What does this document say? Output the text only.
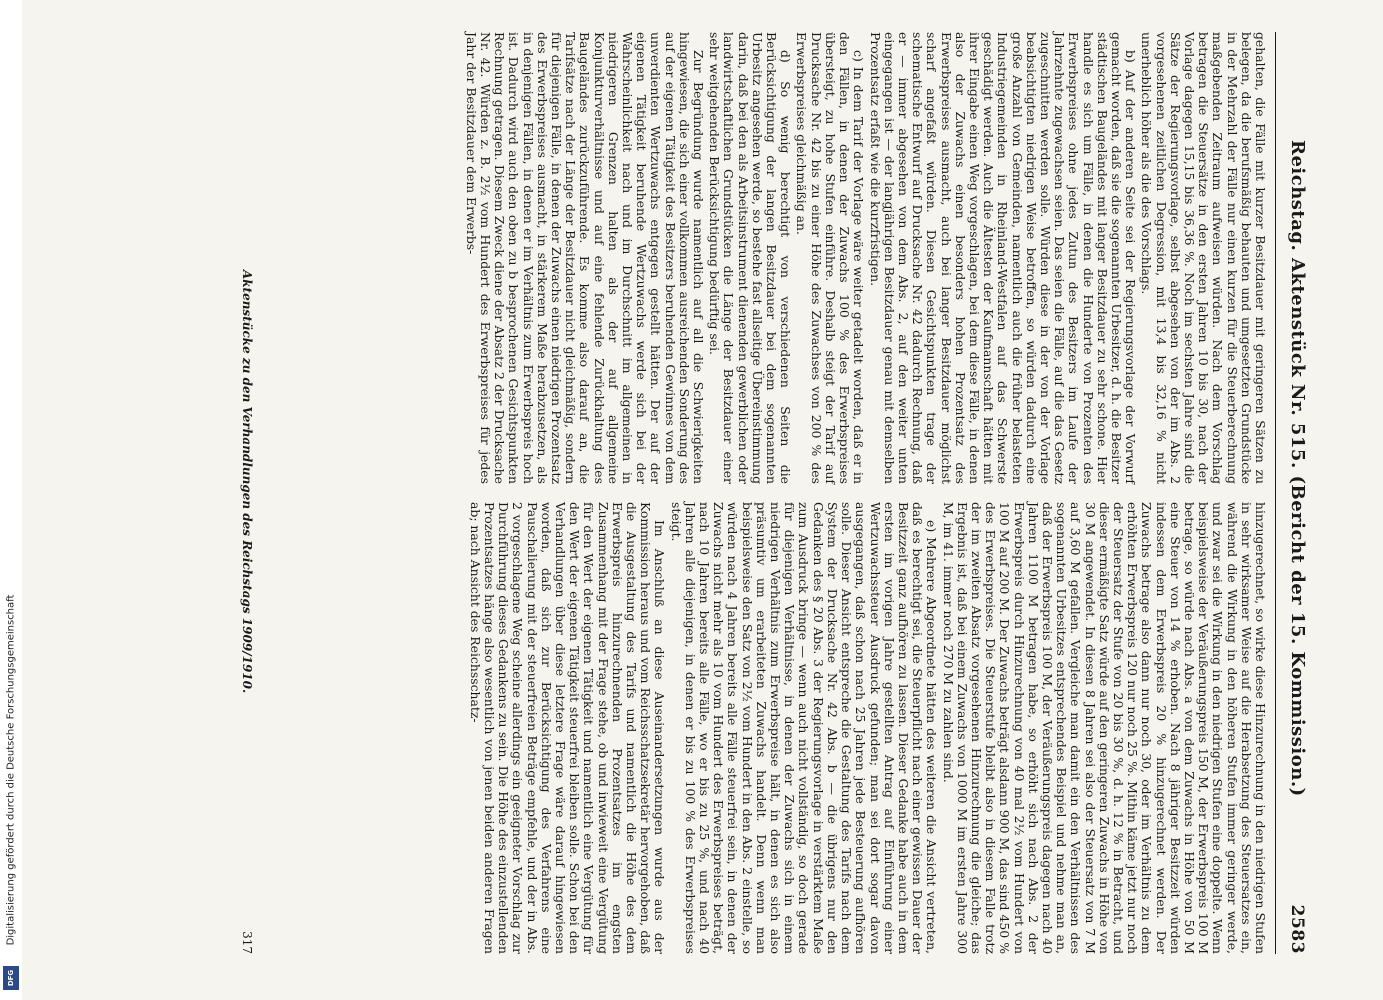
Digitalisierung gefördert durch die Deutsche Forschungsgemeinschaft
DFG
Reichstag. Aktenstück Nr. 515. (Bericht der 15. Kommission.)
2583

gehalten, die Fälle mit kurzer Besitzdauer mit geringeren Sätzen zu belegen, da die berufsmäßig behauten und umgesetzten Grundstücke in der Mehrzahl der Fälle nur einen kurzen für die Steuerberechnung maßgebenden Zeitraum aufweisen würden. Nach dem Vorschlag betragen die Steuersätze in den ersten Jahren 10 bis 30, nach der Vorlage dagegen 15,15 bis 36,36 %. Noch im sechsten Jahre sind die Sätze der Regierungsvorlage, selbst abgesehen von der im Abs. 2 vorgesehenen zeitlichen Degression, mit 13,4 bis 32,16 % nicht unerheblich höher als die des Vorschlags.

b) Auf der anderen Seite sei der Regierungsvorlage der Vorwurf gemacht worden, daß sie die sogenannten Urbesitzer, d. h. die Besitzer städtischen Baugeländes mit langer Besitzdauer zu sehr schone. Hier handle es sich um Fälle, in denen die Hunderte von Prozenten des Erwerbspreises ohne jedes Zutun des Besitzers im Laufe der Jahrzehnte zugewachsen seien. Das seien die Fälle, auf die das Gesetz zugeschnitten werden solle. Würden diese in der von der Vorlage beabsichtigten niedrigen Weise betroffen, so würden dadurch eine große Anzahl von Gemeinden, namentlich auch die früher belasteten Industriegemeinden in Rheinland-Westfalen auf das Schwerste geschädigt werden. Auch die Ältesten der Kaufmannschaft hätten mit ihrer Eingabe einen Weg vorgeschlagen, bei dem diese Fälle, in denen also der Zuwachs einen besonders hohen Prozentsatz des Erwerbspreises ausmacht, auch bei langer Besitzdauer möglichst scharf angefaßt würden. Diesen Gesichtspunkten trage der schematische Entwurf auf Drucksache Nr. 42 dadurch Rechnung, daß er — immer abgesehen von dem Abs. 2, auf den weiter unten eingegangen ist — der langjährigen Besitzdauer genau mit demselben Prozentsatz erfaßt wie die kurzfristigen.

c) In dem Tarif der Vorlage wäre weiter getadelt worden, daß er in den Fällen, in denen der Zuwachs 100 % des Erwerbspreises übersteigt, zu hohe Stufen einführe. Deshalb steigt der Tarif auf Drucksache Nr. 42 bis zu einer Höhe des Zuwachses von 200 % des Erwerbspreises gleichmäßig an.

d) So wenig berechtigt von verschiedenen Seiten die Berücksichtigung der langen Besitzdauer bei dem sogenannten Urbesitz angesehen werde, so bestehe fast allseitige Übereinstimmung darin, daß bei den als Arbeitsinstrument dienenden gewerblichen oder landwirtschaftlichen Grundstücken die Länge der Besitzdauer einer sehr weitgehenden Berücksichtigung bedürftig sei.

Zur Begründung wurde namentlich auf all die Schwierigkeiten hingewiesen, die sich einer vollkommen ausreichenden Sonderung des auf der eigenen Tätigkeit des Besitzers beruhenden Gewinnes von dem unverdienten Wertzuwachs entgegen gestellt hätten. Der auf der eigenen Tätigkeit beruhende Wertzuwachs werde sich bei der Wahrscheinlichkeit nach und im Durchschnitt im allgemeinen in niedrigeren Grenzen halten als der auf allgemeine Konjunkturverhältnisse und auf eine fehlende Zurückhaltung des Baugeländes zurückzuführende. Es komme also darauf an, die Tarifsätze nach der Länge der Besitzdauer nicht gleichmäßig, sondern für diejenigen Fälle, in denen der Zuwachs einen niedrigen Prozentsatz des Erwerbspreises ausmacht, in stärkerem Maße herabzusetzen, als in denjenigen Fällen, in denen er im Verhältnis zum Erwerbspreis hoch ist. Dadurch wird auch den oben zu b besprochenen Gesichtspunkten Rechnung getragen. Diesem Zweck diene der Absatz 2 der Drucksache Nr. 42. Würden z. B. 2½ vom Hundert des Erwerbspreises für jedes Jahr der Besitzdauer dem Erwerbs-

hinzugerechnet, so wirke diese Hinzurechnung in den niedrigen Stufen in sehr wirksamer Weise auf die Herabsetzung des Steuersatzes ein, während die Wirkung in den höheren Stufen immer geringer werde, und zwar sei die Wirkung in den niedrigen Stufen eine doppelte. Wenn beispielsweise der Veräußerungspreis 150 M, der Erwerbspreis 100 M betrage, so würde nach Abs. a von dem Zuwachs in Höhe von 50 M eine Steuer von 14 % erhoben. Nach 8 jähriger Besitzzeit würden indessen dem Erwerbspreis 20 % hinzugerechnet werden. Der Zuwachs betrage also dann nur noch 30, oder im Verhältnis zu dem erhöhten Erwerbspreis 120 nur noch 25 %. Mithin käme jetzt nur noch der Steuersatz der Stufe von 20 bis 30 %, d. h. 12 % in Betracht, und dieser ermäßigte Satz würde auf den geringeren Zuwachs in Höhe von 30 M angewendet. In diesen 8 Jahren sei also der Steuersatz von 7 M auf 3,60 M gefallen. Vergleiche man damit ein den Verhältnissen des sogenannten Urbesitzes entsprechendes Beispiel und nehme man an, daß der Erwerbspreis 100 M, der Veräußerungspreis dagegen nach 40 Jahren 1100 M betragen habe, so erhöht sich nach Abs. 2 der Erwerbspreis durch Hinzurechnung von 40 mal 2½ vom Hundert von 100 M auf 200 M. Der Zuwachs beträgt alsdann 900 M, das sind 450 % des Erwerbspreises. Die Steuerstufe bleibt also in diesem Falle trotz der im zweiten Absatz vorgesehenen Hinzurechnung die gleiche; das Ergebnis ist, daß bei einem Zuwachs von 1000 M im ersten Jahre 300 M, im 41. immer noch 270 M zu zahlen sind.

e) Mehrere Abgeordnete hätten des weiteren die Ansicht vertreten, daß es berechtigt sei, die Steuerpflicht nach einer gewissen Dauer der Besitzzeit ganz aufhören zu lassen. Dieser Gedanke habe auch in dem ersten im vorigen Jahre gestellten Antrag auf Einführung einer Wertzuwachssteuer Ausdruck gefunden; man sei dort sogar davon ausgegangen, daß schon nach 25 Jahren jede Besteuerung aufhören solle. Dieser Ansicht entspreche die Gestaltung des Tarifs nach dem System der Drucksache Nr. 42 Abs. b — die übrigens nur den Gedanken des § 20 Abs. 3 der Regierungsvorlage in verstärktem Maße zum Ausdruck bringe — wenn auch nicht vollständig, so doch gerade für diejenigen Verhältnisse, in denen der Zuwachs sich in einem niedrigen Verhältnis zum Erwerbspreise hält, in denen es sich also präsumtiv um erarbeiteten Zuwachs handelt. Denn wenn man beispielsweise den Satz von 2½ vom Hundert in den Abs. 2 einstelle, so würden nach 4 Jahren bereits alle Fälle steuerfrei sein, in denen der Zuwachs nicht mehr als 10 vom Hundert des Erwerbspreises beträgt, nach 10 Jahren bereits alle Fälle, wo er bis zu 25 %, und nach 40 Jahren alle diejenigen, in denen er bis zu 100 % des Erwerbspreises steigt.

Im Anschluß an diese Auseinandersetzungen wurde aus der Kommission heraus und vom Reichsschatzsekretär hervorgehoben, daß die Ausgestaltung des Tarifs und namentlich die Höhe des dem Erwerbspreis hinzurechnenden Prozentsatzes im engsten Zusammenhang mit der Frage stehe, ob und inwieweit eine Vergütung für den Wert der eigenen Tätigkeit und namentlich eine Vergütung für den Wert der eigenen Tätigkeit steuerfrei bleiben solle. Schon bei den Verhandlungen über diese letztere Frage wäre darauf hingewiesen worden, daß sich zur Berücksichtigung des Verfahrens eine Pauschalierung mit der steuerfreien Beträge empfehle, und der in Abs. 2 vorgeschlagene Weg scheine allerdings ein geeigneter Vorschlag zur Durchführung dieses Gedankens zu sein. Die Höhe des einzustellenden Prozentsatzes hänge also wesentlich von jenen beiden anderen Fragen ab; nach Ansicht des Reichsschatz-

Aktenstücke zu den Verhandlungen des Reichstags 1909/1910.
317
